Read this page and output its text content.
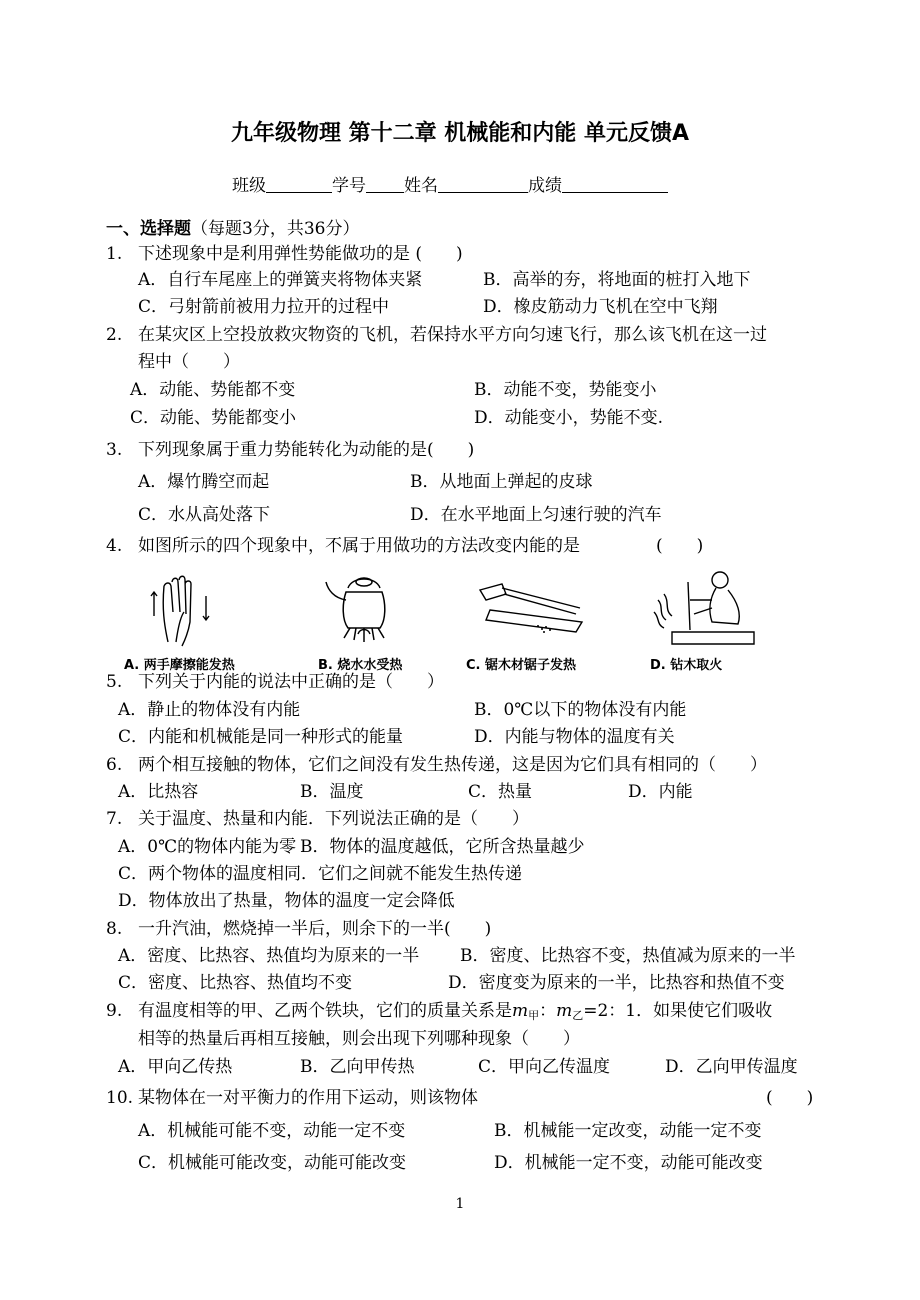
九年级物理 第十二章 机械能和内能 单元反馈A
班级	学号 姓名	成绩
一、选择题（每题3分，共36分）
1. 下述现象中是利用弹性势能做功的是 (　　)
A．自行车尾座上的弹簧夹将物体夹紧	B．高举的夯，将地面的桩打入地下
C．弓射箭前被用力拉开的过程中	D．橡皮筋动力飞机在空中飞翔
2. 在某灾区上空投放救灾物资的飞机，若保持水平方向匀速飞行，那么该飞机在这一过
程中（　　）
A．动能、势能都不变	B．动能不变，势能变小
C．动能、势能都变小	D．动能变小，势能不变.
3. 下列现象属于重力势能转化为动能的是(　　)
A．爆竹腾空而起	B．从地面上弹起的皮球
C．水从高处落下	D．在水平地面上匀速行驶的汽车
4. 如图所示的四个现象中，不属于用做功的方法改变内能的是	(　　)
A. 两手摩擦能发热	B. 烧水水受热	C. 锯木材锯子发热	D. 钻木取火
5. 下列关于内能的说法中正确的是（　　）
A．静止的物体没有内能	B．0℃以下的物体没有内能
C．内能和机械能是同一种形式的能量	D．内能与物体的温度有关
6. 两个相互接触的物体，它们之间没有发生热传递，这是因为它们具有相同的（　　）
A．比热容	B．温度	C．热量	D．内能
7. 关于温度、热量和内能．下列说法正确的是（　　）
A．0℃的物体内能为零 B．物体的温度越低，它所含热量越少
C．两个物体的温度相同．它们之间就不能发生热传递
D．物体放出了热量，物体的温度一定会降低
8. 一升汽油，燃烧掉一半后，则余下的一半(　　)
A．密度、比热容、热值均为原来的一半 B．密度、比热容不变，热值减为原来的一半
C．密度、比热容、热值均不变	D．密度变为原来的一半，比热容和热值不变
9. 有温度相等的甲、乙两个铁块，它们的质量关系是$m_甲$：$m_乙=2$：1．如果使它们吸收
相等的热量后再相互接触，则会出现下列哪种现象（　　）
A．甲向乙传热	B．乙向甲传热	C．甲向乙传温度	D．乙向甲传温度
10. 某物体在一对平衡力的作用下运动，则该物体	(　　)
A．机械能可能不变，动能一定不变	B．机械能一定改变，动能一定不变
C．机械能可能改变，动能可能改变	D．机械能一定不变，动能可能改变
1
